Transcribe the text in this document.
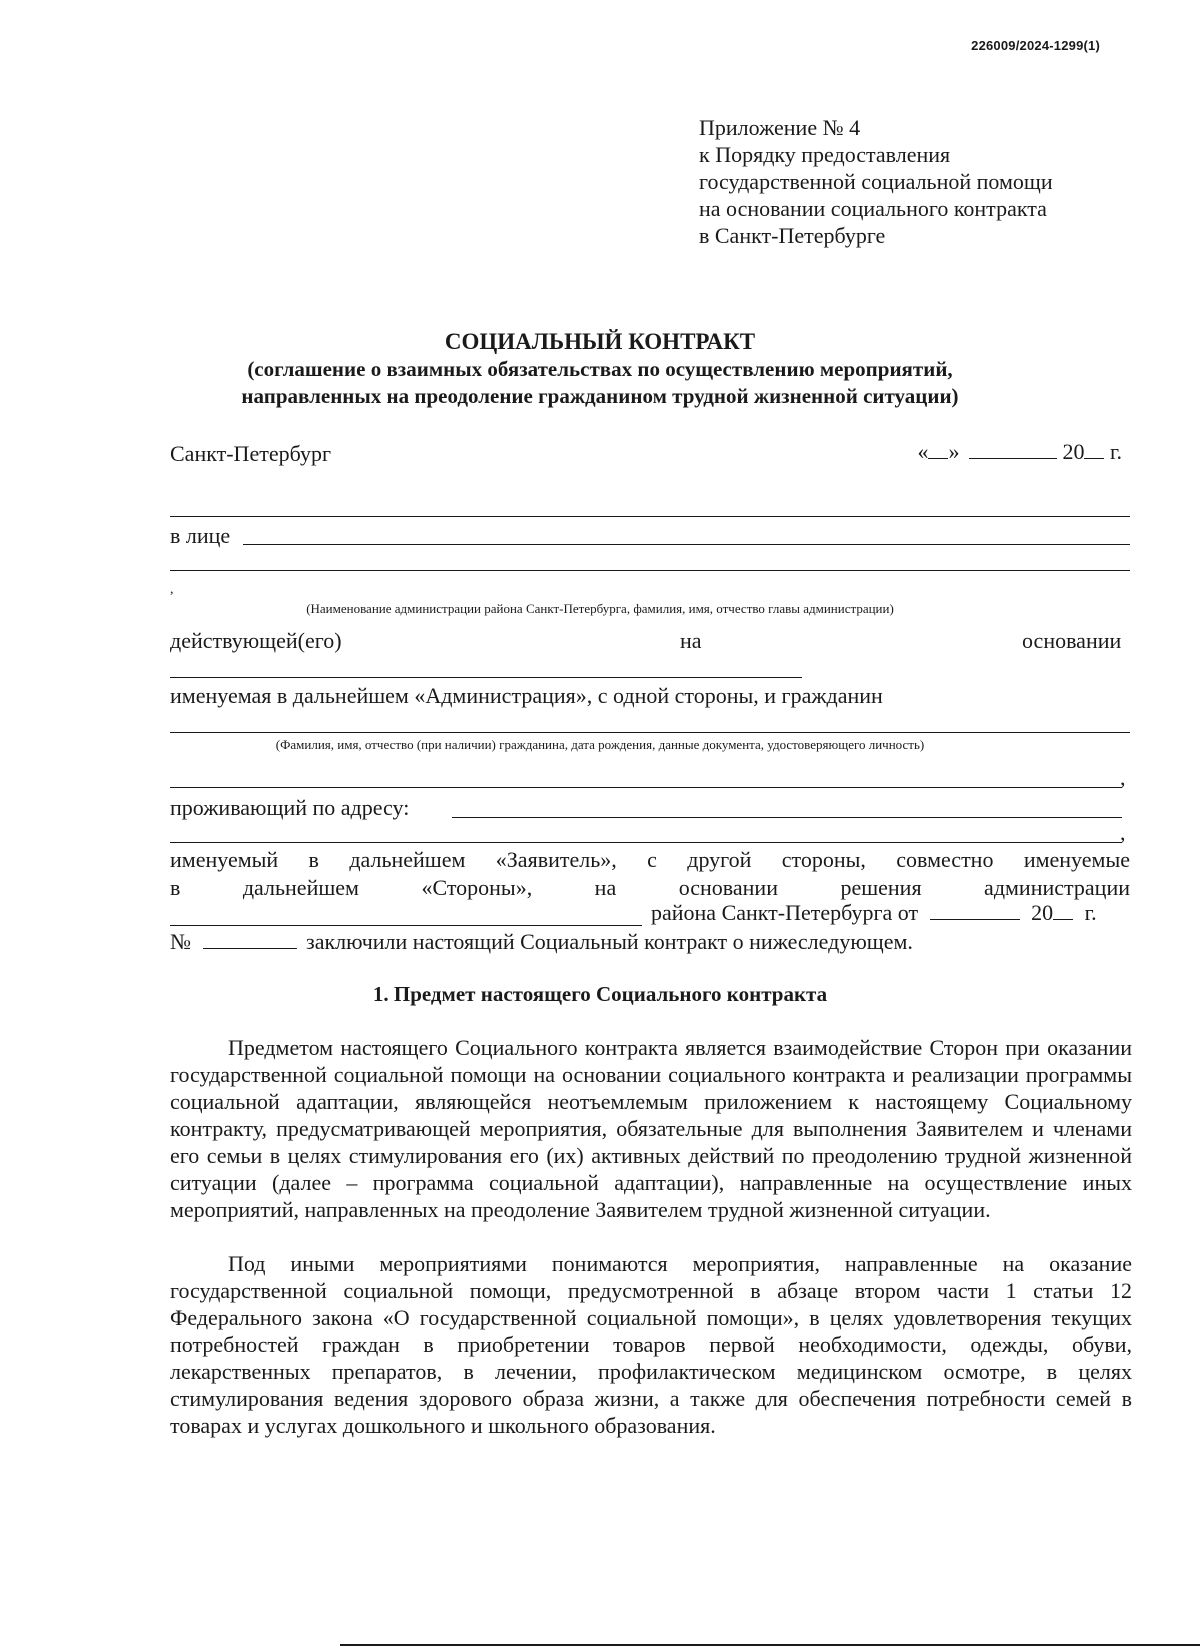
226009/2024-1299(1)
Приложение № 4
к Порядку предоставления
государственной социальной помощи
на основании социального контракта
в Санкт-Петербурге
СОЦИАЛЬНЫЙ КОНТРАКТ
(соглашение о взаимных обязательствах по осуществлению мероприятий,
направленных на преодоление гражданином трудной жизненной ситуации)
Санкт-Петербург	« »	20 г.
в лице
,
(Наименование администрации района Санкт-Петербурга, фамилия, имя, отчество главы администрации)
действующей(его)	на	основании
именуемая в дальнейшем «Администрация», с одной стороны, и гражданин
(Фамилия, имя, отчество (при наличии) гражданина, дата рождения, данные документа, удостоверяющего личность)
,
проживающий по адресу:
,
именуемый в дальнейшем «Заявитель», с другой стороны, совместно именуемые
в дальнейшем «Стороны», на основании решения администрации
района Санкт-Петербурга от	20 г.
№	заключили настоящий Социальный контракт о нижеследующем.
1. Предмет настоящего Социального контракта
Предметом настоящего Социального контракта является взаимодействие Сторон при оказании государственной социальной помощи на основании социального контракта и реализации программы социальной адаптации, являющейся неотъемлемым приложением к настоящему Социальному контракту, предусматривающей мероприятия, обязательные для выполнения Заявителем и членами его семьи в целях стимулирования его (их) активных действий по преодолению трудной жизненной ситуации (далее – программа социальной адаптации), направленные на осуществление иных мероприятий, направленных на преодоление Заявителем трудной жизненной ситуации.
Под иными мероприятиями понимаются мероприятия, направленные на оказание государственной социальной помощи, предусмотренной в абзаце втором части 1 статьи 12 Федерального закона «О государственной социальной помощи», в целях удовлетворения текущих потребностей граждан в приобретении товаров первой необходимости, одежды, обуви, лекарственных препаратов, в лечении, профилактическом медицинском осмотре, в целях стимулирования ведения здорового образа жизни, а также для обеспечения потребности семей в товарах и услугах дошкольного и школьного образования.
